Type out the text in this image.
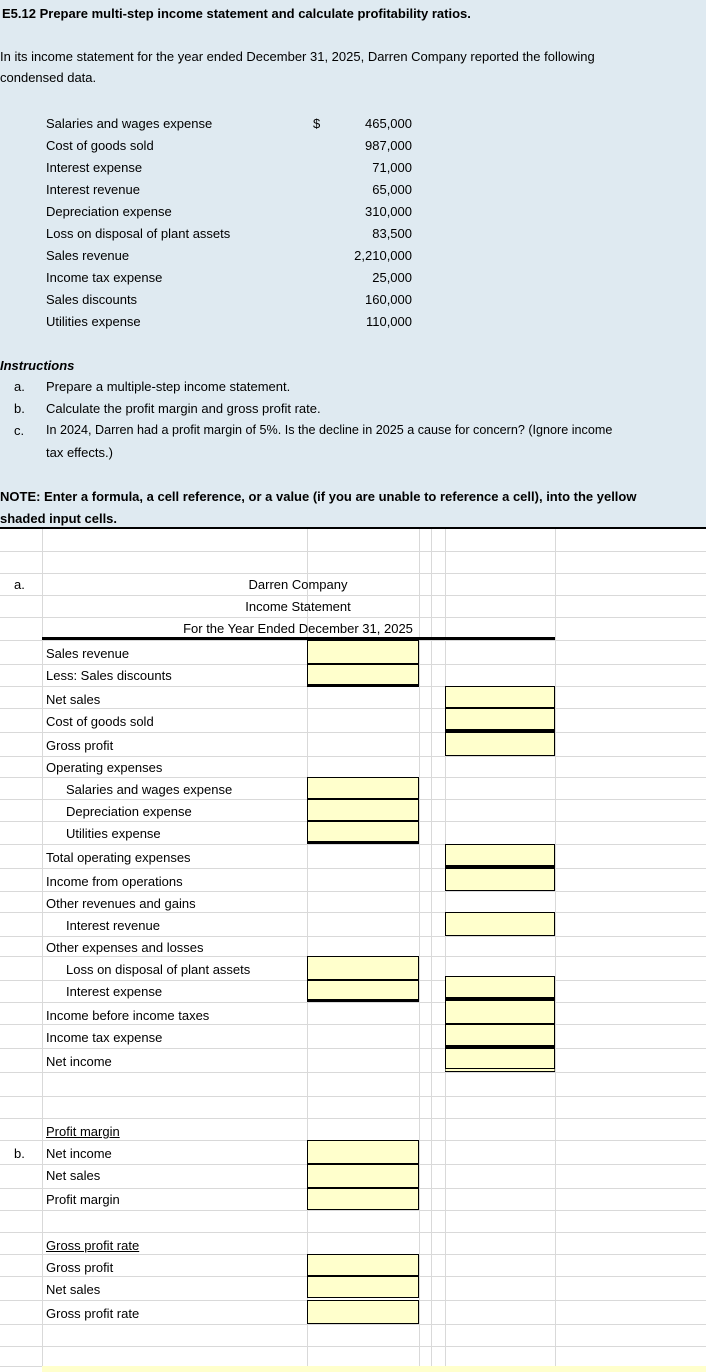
E5.12 Prepare multi-step income statement and calculate profitability ratios.
In its income statement for the year ended December 31, 2025, Darren Company reported the following
condensed data.
$
Salaries and wages expense	465,000
Cost of goods sold	987,000
Interest expense	71,000
Interest revenue	65,000
Depreciation expense	310,000
Loss on disposal of plant assets	83,500
Sales revenue	2,210,000
Income tax expense	25,000
Sales discounts	160,000
Utilities expense	110,000
Instructions
a. Prepare a multiple-step income statement.
b. Calculate the profit margin and gross profit rate.
c. In 2024, Darren had a profit margin of 5%. Is the decline in 2025 a cause for concern? (Ignore income
tax effects.)
NOTE: Enter a formula, a cell reference, or a value (if you are unable to reference a cell), into the yellow
shaded input cells.
a.	Darren Company
Income Statement
For the Year Ended December 31, 2025
Sales revenue
Less: Sales discounts
Net sales
Cost of goods sold
Gross profit
Operating expenses
Salaries and wages expense
Depreciation expense
Utilities expense
Total operating expenses
Income from operations
Other revenues and gains
Interest revenue
Other expenses and losses
Loss on disposal of plant assets
Interest expense
Income before income taxes
Income tax expense
Net income
b.
Profit margin
Net income
Net sales
Profit margin
Gross profit rate
Gross profit
Net sales
Gross profit rate
